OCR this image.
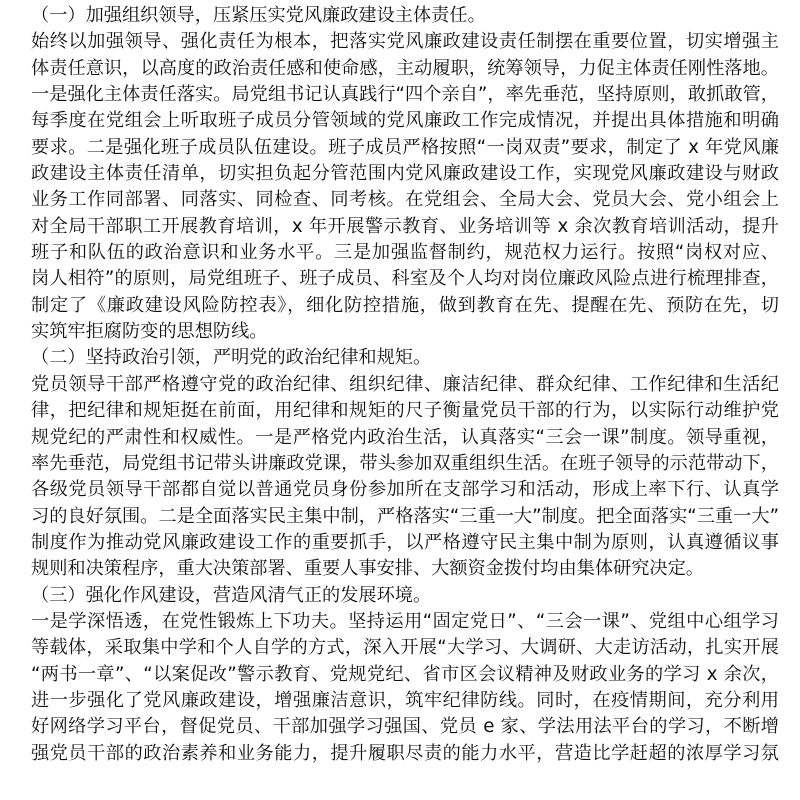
（一）加强组织领导，压紧压实党风廉政建设主体责任。
始终以加强领导、强化责任为根本，把落实党风廉政建设责任制摆在重要位置，切实增强主
体责任意识，以高度的政治责任感和使命感，主动履职，统筹领导，力促主体责任刚性落地。
一是强化主体责任落实。局党组书记认真践行“四个亲自”，率先垂范，坚持原则，敢抓敢管，
每季度在党组会上听取班子成员分管领域的党风廉政工作完成情况，并提出具体措施和明确
要求。二是强化班子成员队伍建设。班子成员严格按照“一岗双责”要求，制定了 x 年党风廉
政建设主体责任清单，切实担负起分管范围内党风廉政建设工作，实现党风廉政建设与财政
业务工作同部署、同落实、同检查、同考核。在党组会、全局大会、党员大会、党小组会上
对全局干部职工开展教育培训，x 年开展警示教育、业务培训等 x 余次教育培训活动，提升
班子和队伍的政治意识和业务水平。三是加强监督制约，规范权力运行。按照“岗权对应、
岗人相符”的原则，局党组班子、班子成员、科室及个人均对岗位廉政风险点进行梳理排查，
制定了《廉政建设风险防控表》，细化防控措施，做到教育在先、提醒在先、预防在先，切
实筑牢拒腐防变的思想防线。
（二）坚持政治引领，严明党的政治纪律和规矩。
党员领导干部严格遵守党的政治纪律、组织纪律、廉洁纪律、群众纪律、工作纪律和生活纪
律，把纪律和规矩挺在前面，用纪律和规矩的尺子衡量党员干部的行为，以实际行动维护党
规党纪的严肃性和权威性。一是严格党内政治生活，认真落实“三会一课”制度。领导重视，
率先垂范，局党组书记带头讲廉政党课，带头参加双重组织生活。在班子领导的示范带动下，
各级党员领导干部都自觉以普通党员身份参加所在支部学习和活动，形成上率下行、认真学
习的良好氛围。二是全面落实民主集中制，严格落实“三重一大”制度。把全面落实“三重一大”
制度作为推动党风廉政建设工作的重要抓手，以严格遵守民主集中制为原则，认真遵循议事
规则和决策程序，重大决策部署、重要人事安排、大额资金拨付均由集体研究决定。
（三）强化作风建设，营造风清气正的发展环境。
一是学深悟透，在党性锻炼上下功夫。坚持运用“固定党日”、“三会一课”、党组中心组学习
等载体，采取集中学和个人自学的方式，深入开展“大学习、大调研、大走访活动，扎实开展
“两书一章”、“以案促改”警示教育、党规党纪、省市区会议精神及财政业务的学习 x 余次，
进一步强化了党风廉政建设，增强廉洁意识，筑牢纪律防线。同时，在疫情期间，充分利用
好网络学习平台，督促党员、干部加强学习强国、党员 e 家、学法用法平台的学习，不断增
强党员干部的政治素养和业务能力，提升履职尽责的能力水平，营造比学赶超的浓厚学习氛
